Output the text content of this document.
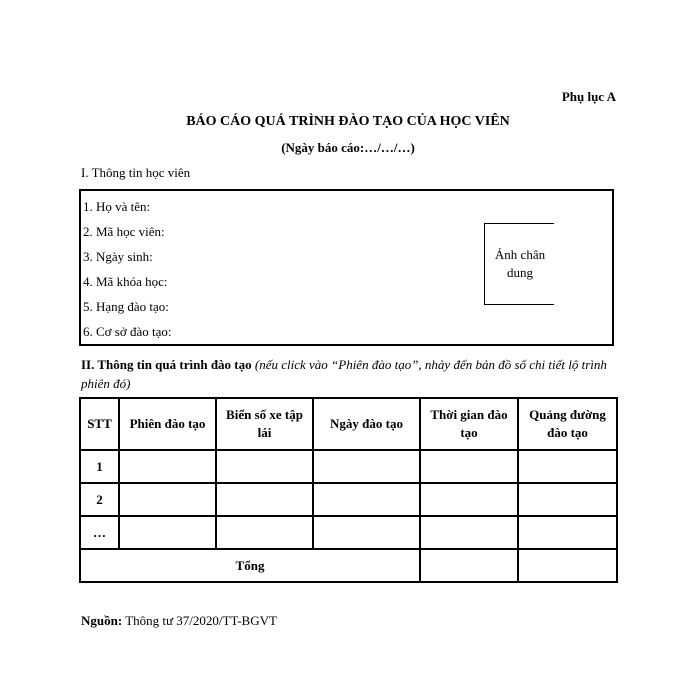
Phụ lục A
BÁO CÁO QUÁ TRÌNH ĐÀO TẠO CỦA HỌC VIÊN
(Ngày báo cáo:…/…/…)
I. Thông tin học viên
1. Họ và tên:
2. Mã học viên:
3. Ngày sinh:
4. Mã khóa học:
5. Hạng đào tạo:
6. Cơ sở đào tạo:
Ảnh chân dung
II. Thông tin quá trình đào tạo (nếu click vào “Phiên đào tạo”, nhảy đến bản đồ số chi tiết lộ trình phiên đó)
STT	Phiên đào tạo	Biển số xe tập lái	Ngày đào tạo	Thời gian đào tạo	Quảng đường đào tạo
1					
2					
…					
Tổng					
Nguồn: Thông tư 37/2020/TT-BGVT
